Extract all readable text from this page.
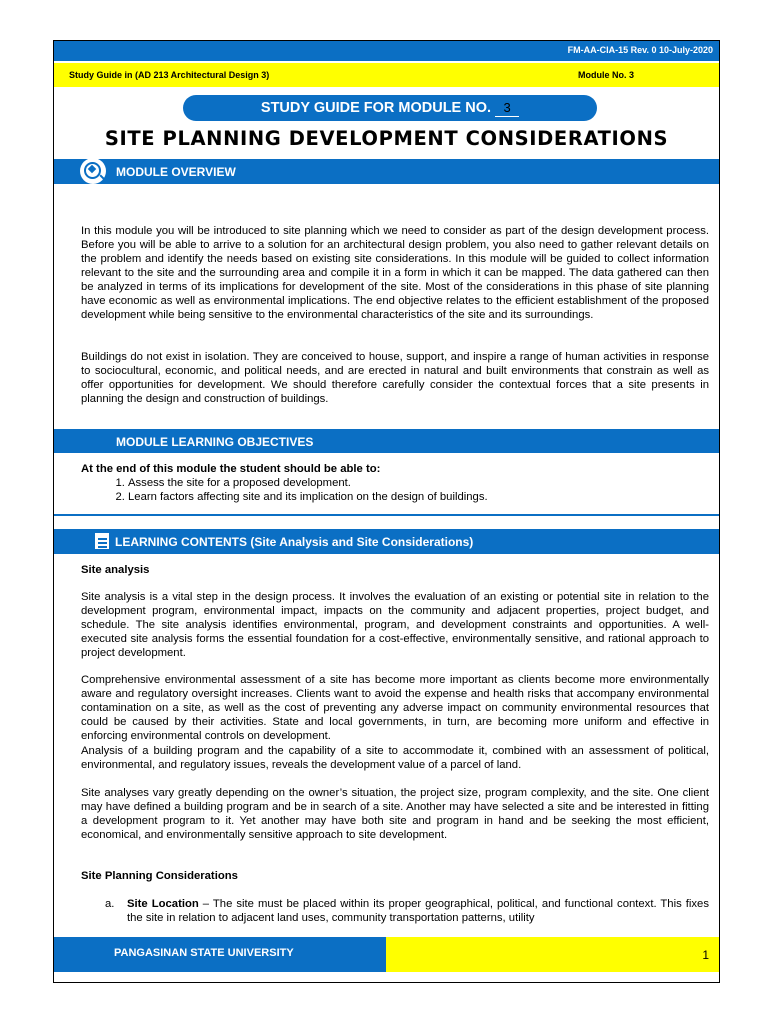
FM-AA-CIA-15 Rev. 0 10-July-2020
Study Guide in (AD 213 Architectural Design 3)	Module No. 3
STUDY GUIDE FOR MODULE NO. 3
SITE PLANNING DEVELOPMENT CONSIDERATIONS
MODULE OVERVIEW

In this module you will be introduced to site planning which we need to consider as part of the design development process. Before you will be able to arrive to a solution for an architectural design problem, you also need to gather relevant details on the problem and identify the needs based on existing site considerations. In this module will be guided to collect information relevant to the site and the surrounding area and compile it in a form in which it can be mapped. The data gathered can then be analyzed in terms of its implications for development of the site. Most of the considerations in this phase of site planning have economic as well as environmental implications. The end objective relates to the efficient establishment of the proposed development while being sensitive to the environmental characteristics of the site and its surroundings.

Buildings do not exist in isolation. They are conceived to house, support, and inspire a range of human activities in response to sociocultural, economic, and political needs, and are erected in natural and built environments that constrain as well as offer opportunities for development. We should therefore carefully consider the contextual forces that a site presents in planning the design and construction of buildings.

MODULE LEARNING OBJECTIVES

At the end of this module the student should be able to:

1. Assess the site for a proposed development.
2. Learn factors affecting site and its implication on the design of buildings.
LEARNING CONTENTS (Site Analysis and Site Considerations)

Site analysis

Site analysis is a vital step in the design process. It involves the evaluation of an existing or potential site in relation to the development program, environmental impact, impacts on the community and adjacent properties, project budget, and schedule. The site analysis identifies environmental, program, and development constraints and opportunities. A well-executed site analysis forms the essential foundation for a cost-effective, environmentally sensitive, and rational approach to project development.

Comprehensive environmental assessment of a site has become more important as clients become more environmentally aware and regulatory oversight increases. Clients want to avoid the expense and health risks that accompany environmental contamination on a site, as well as the cost of preventing any adverse impact on community environmental resources that could be caused by their activities. State and local governments, in turn, are becoming more uniform and effective in enforcing environmental controls on development.

Analysis of a building program and the capability of a site to accommodate it, combined with an assessment of political, environmental, and regulatory issues, reveals the development value of a parcel of land.

Site analyses vary greatly depending on the owner’s situation, the project size, program complexity, and the site. One client may have defined a building program and be in search of a site. Another may have selected a site and be interested in fitting a development program to it. Yet another may have both site and program in hand and be seeking the most efficient, economical, and environmentally sensitive approach to site development.

Site Planning Considerations

a. Site Location – The site must be placed within its proper geographical, political, and functional context. This fixes the site in relation to adjacent land uses, community transportation patterns, utility

PANGASINAN STATE UNIVERSITY	1
